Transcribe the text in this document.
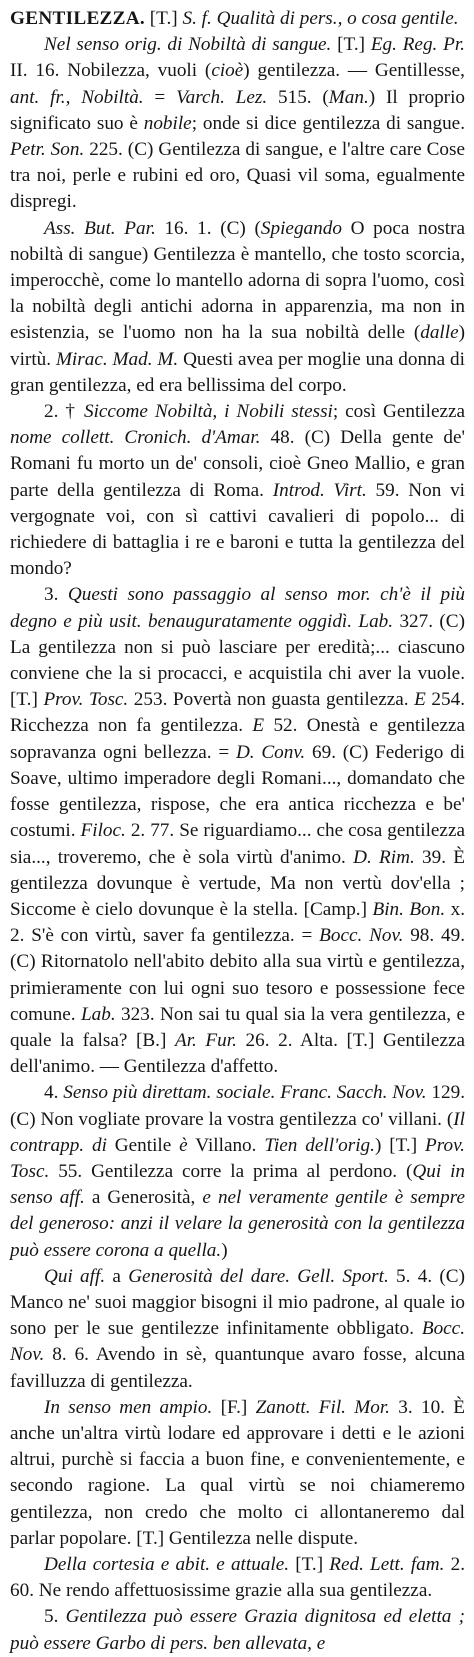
GENTILEZZA. [T.] S. f. Qualità di pers., o cosa gentile.

Nel senso orig. di Nobiltà di sangue. [T.] Eg. Reg. Pr. II. 16. Nobilezza, vuoli (cioè) gentilezza. — Gentillesse, ant. fr., Nobiltà. = Varch. Lez. 515. (Man.) Il proprio significato suo è nobile; onde si dice gentilezza di sangue. Petr. Son. 225. (C) Gentilezza di sangue, e l'altre care Cose tra noi, perle e rubini ed oro, Quasi vil soma, egualmente dispregi.

Ass. But. Par. 16. 1. (C) (Spiegando O poca nostra nobiltà di sangue) Gentilezza è mantello, che tosto scorcia, imperocchè, come lo mantello adorna di sopra l'uomo, così la nobiltà degli antichi adorna in apparenzia, ma non in esistenzia, se l'uomo non ha la sua nobiltà delle (dalle) virtù. Mirac. Mad. M. Questi avea per moglie una donna di gran gentilezza, ed era bellissima del corpo.

2. † Siccome Nobiltà, i Nobili stessi; così Gentilezza nome collett. Cronich. d'Amar. 48. (C) Della gente de' Romani fu morto un de' consoli, cioè Gneo Mallio, e gran parte della gentilezza di Roma. Introd. Virt. 59. Non vi vergognate voi, con sì cattivi cavalieri di popolo... di richiedere di battaglia i re e baroni e tutta la gentilezza del mondo?

3. Questi sono passaggio al senso mor. ch'è il più degno e più usit. benauguratamente oggidì. Lab. 327. (C) La gentilezza non si può lasciare per eredità;... ciascuno conviene che la si procacci, e acquistila chi aver la vuole. [T.] Prov. Tosc. 253. Povertà non guasta gentilezza. E 254. Ricchezza non fa gentilezza. E 52. Onestà e gentilezza sopravanza ogni bellezza. = D. Conv. 69. (C) Federigo di Soave, ultimo imperadore degli Romani..., domandato che fosse gentilezza, rispose, che era antica ricchezza e be' costumi. Filoc. 2. 77. Se riguardiamo... che cosa gentilezza sia..., troveremo, che è sola virtù d'animo. D. Rim. 39. È gentilezza dovunque è vertude, Ma non vertù dov'ella ; Siccome è cielo dovunque è la stella. [Camp.] Bin. Bon. x. 2. S'è con virtù, saver fa gentilezza. = Bocc. Nov. 98. 49. (C) Ritornatolo nell'abito debito alla sua virtù e gentilezza, primieramente con lui ogni suo tesoro e possessione fece comune. Lab. 323. Non sai tu qual sia la vera gentilezza, e quale la falsa? [B.] Ar. Fur. 26. 2. Alta. [T.] Gentilezza dell'animo. — Gentilezza d'affetto.

4. Senso più direttam. sociale. Franc. Sacch. Nov. 129. (C) Non vogliate provare la vostra gentilezza co' villani. (Il contrapp. di Gentile è Villano. Tien dell'orig.) [T.] Prov. Tosc. 55. Gentilezza corre la prima al perdono. (Qui in senso aff. a Generosità, e nel veramente gentile è sempre del generoso: anzi il velare la generosità con la gentilezza può essere corona a quella.)

Qui aff. a Generosità del dare. Gell. Sport. 5. 4. (C) Manco ne' suoi maggior bisogni il mio padrone, al quale io sono per le sue gentilezze infinitamente obbligato. Bocc. Nov. 8. 6. Avendo in sè, quantunque avaro fosse, alcuna favilluzza di gentilezza.

In senso men ampio. [F.] Zanott. Fil. Mor. 3. 10. È anche un'altra virtù lodare ed approvare i detti e le azioni altrui, purchè si faccia a buon fine, e convenientemente, e secondo ragione. La qual virtù se noi chiameremo gentilezza, non credo che molto ci allontaneremo dal parlar popolare. [T.] Gentilezza nelle dispute.

Della cortesia e abit. e attuale. [T.] Red. Lett. fam. 2. 60. Ne rendo affettuosissime grazie alla sua gentilezza.

5. Gentilezza può essere Grazia dignitosa ed eletta ; può essere Garbo di pers. ben allevata, e
